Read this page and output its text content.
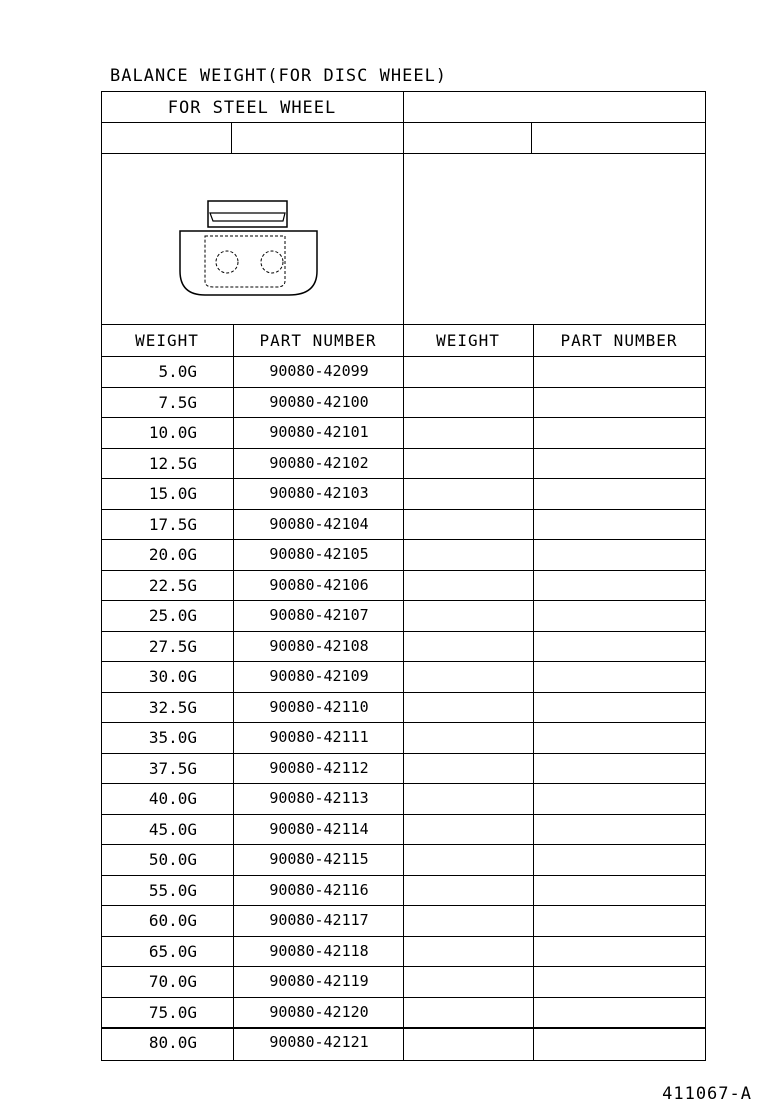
BALANCE WEIGHT(FOR DISC WHEEL)
FOR STEEL WHEEL
WEIGHT	PART NUMBER	WEIGHT	PART NUMBER
5.0G	90080-42099
7.5G	90080-42100
10.0G	90080-42101
12.5G	90080-42102
15.0G	90080-42103
17.5G	90080-42104
20.0G	90080-42105
22.5G	90080-42106
25.0G	90080-42107
27.5G	90080-42108
30.0G	90080-42109
32.5G	90080-42110
35.0G	90080-42111
37.5G	90080-42112
40.0G	90080-42113
45.0G	90080-42114
50.0G	90080-42115
55.0G	90080-42116
60.0G	90080-42117
65.0G	90080-42118
70.0G	90080-42119
75.0G	90080-42120
80.0G	90080-42121
411067-A
